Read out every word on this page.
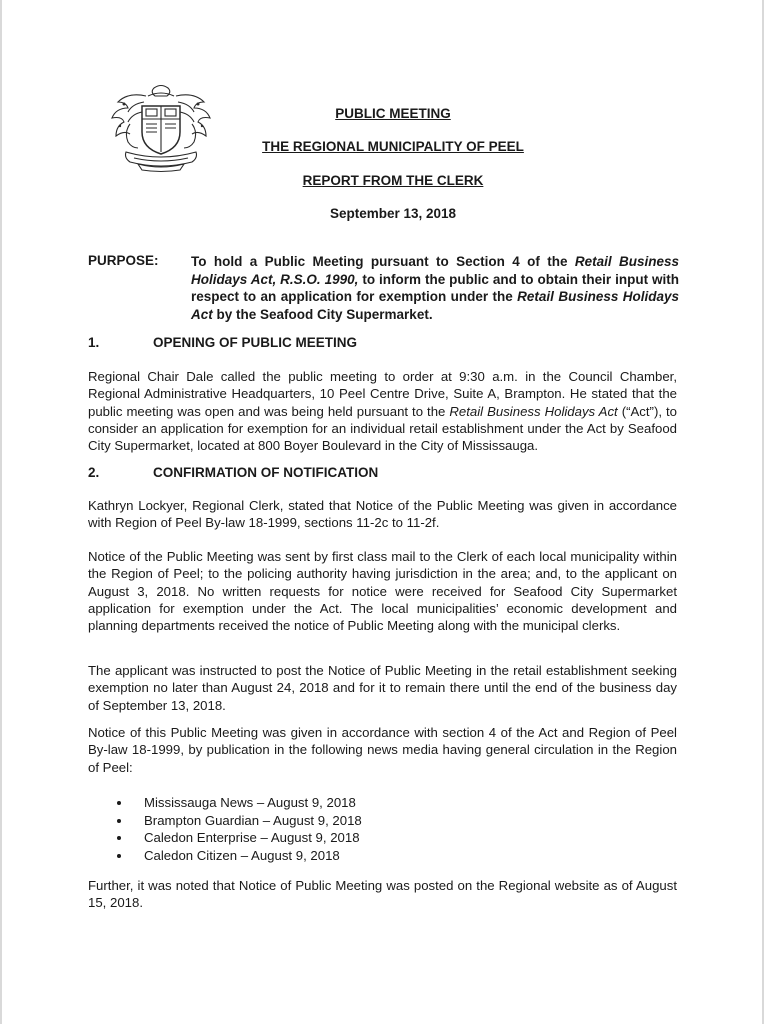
PUBLIC MEETING
THE REGIONAL MUNICIPALITY OF PEEL
REPORT FROM THE CLERK
September 13, 2018
PURPOSE: To hold a Public Meeting pursuant to Section 4 of the Retail Business Holidays Act, R.S.O. 1990, to inform the public and to obtain their input with respect to an application for exemption under the Retail Business Holidays Act by the Seafood City Supermarket.
1.	OPENING OF PUBLIC MEETING
Regional Chair Dale called the public meeting to order at 9:30 a.m. in the Council Chamber, Regional Administrative Headquarters, 10 Peel Centre Drive, Suite A, Brampton. He stated that the public meeting was open and was being held pursuant to the Retail Business Holidays Act (“Act”), to consider an application for exemption for an individual retail establishment under the Act by Seafood City Supermarket, located at 800 Boyer Boulevard in the City of Mississauga.
2.	CONFIRMATION OF NOTIFICATION
Kathryn Lockyer, Regional Clerk, stated that Notice of the Public Meeting was given in accordance with Region of Peel By-law 18-1999, sections 11-2c to 11-2f.
Notice of the Public Meeting was sent by first class mail to the Clerk of each local municipality within the Region of Peel; to the policing authority having jurisdiction in the area; and, to the applicant on August 3, 2018. No written requests for notice were received for Seafood City Supermarket application for exemption under the Act. The local municipalities’ economic development and planning departments received the notice of Public Meeting along with the municipal clerks.
The applicant was instructed to post the Notice of Public Meeting in the retail establishment seeking exemption no later than August 24, 2018 and for it to remain there until the end of the business day of September 13, 2018.
Notice of this Public Meeting was given in accordance with section 4 of the Act and Region of Peel By-law 18-1999, by publication in the following news media having general circulation in the Region of Peel:
Mississauga News – August 9, 2018
Brampton Guardian – August 9, 2018
Caledon Enterprise – August 9, 2018
Caledon Citizen – August 9, 2018
Further, it was noted that Notice of Public Meeting was posted on the Regional website as of August 15, 2018.
